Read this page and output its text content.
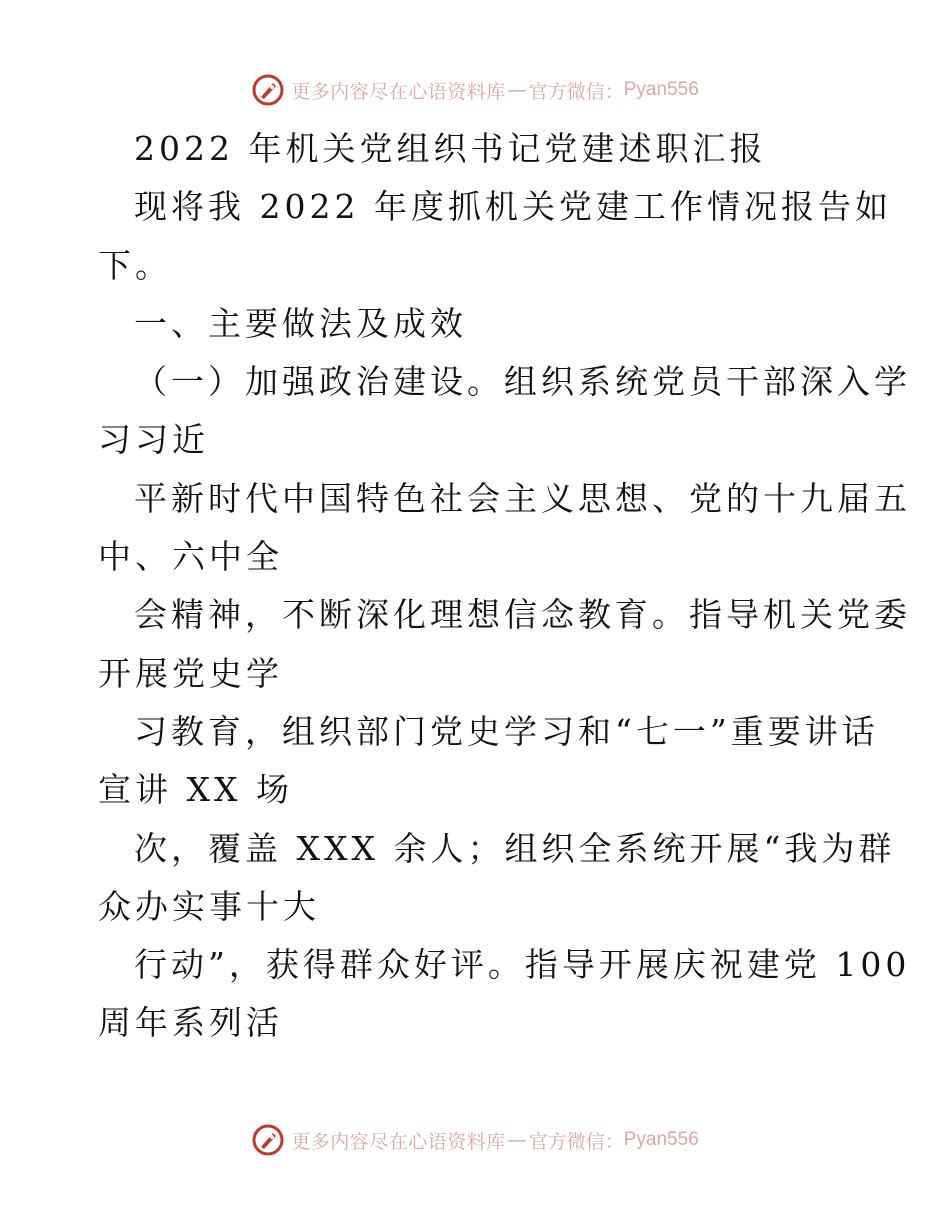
更多内容尽在心语资料库 — 官方微信： Pyan556
2022 年机关党组织书记党建述职汇报
现将我 2022 年度抓机关党建工作情况报告如
下。
一、主要做法及成效
（一）加强政治建设。组织系统党员干部深入学
习习近
平新时代中国特色社会主义思想、党的十九届五
中、六中全
会精神，不断深化理想信念教育。指导机关党委
开展党史学
习教育，组织部门党史学习和“七一”重要讲话
宣讲 XX 场
次，覆盖 XXX 余人；组织全系统开展“我为群
众办实事十大
行动”，获得群众好评。指导开展庆祝建党 100
周年系列活
更多内容尽在心语资料库 — 官方微信： Pyan556
